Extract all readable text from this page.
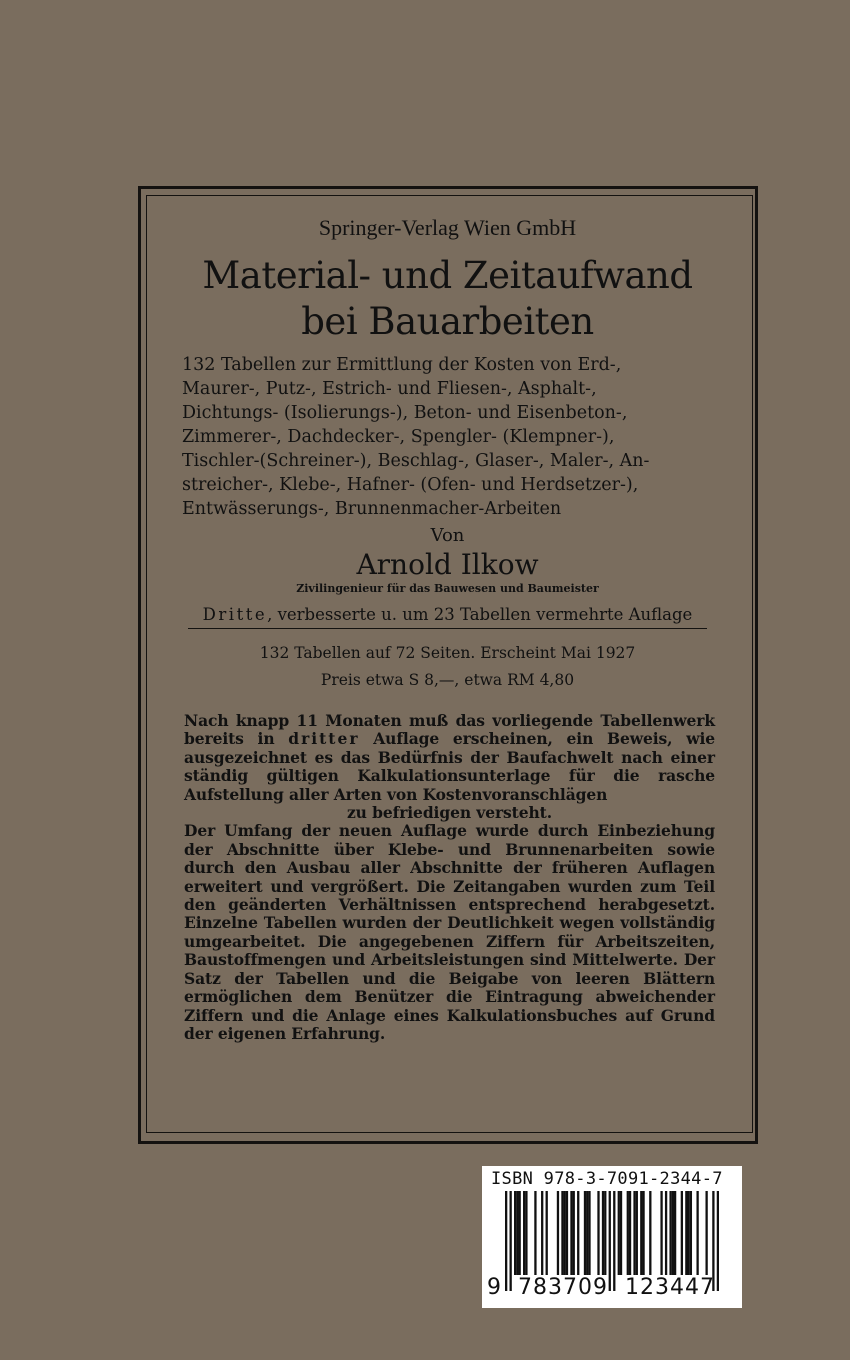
Springer-Verlag Wien GmbH
Material- und Zeitaufwand
bei Bauarbeiten
132 Tabellen zur Ermittlung der Kosten von Erd-,
Maurer-, Putz-, Estrich- und Fliesen-, Asphalt-,
Dichtungs- (Isolierungs-), Beton- und Eisenbeton-,
Zimmerer-, Dachdecker-, Spengler- (Klempner-),
Tischler-(Schreiner-), Beschlag-, Glaser-, Maler-, An-
streicher-, Klebe-, Hafner- (Ofen- und Herdsetzer-),
Entwässerungs-, Brunnenmacher-Arbeiten
Von
Arnold Ilkow
Zivilingenieur für das Bauwesen und Baumeister
Dritte, verbesserte u. um 23 Tabellen vermehrte Auflage
132 Tabellen auf 72 Seiten. Erscheint Mai 1927
Preis etwa S 8,—, etwa RM 4,80

Nach knapp 11 Monaten muß das vorliegende Tabellenwerk bereits in dritter Auflage erscheinen, ein Beweis, wie ausgezeichnet es das Bedürfnis der Baufachwelt nach einer ständig gültigen Kalkulationsunterlage für die rasche Aufstellung aller Arten von Kostenvoranschlägen

zu befriedigen versteht.

Der Umfang der neuen Auflage wurde durch Einbeziehung der Abschnitte über Klebe- und Brunnenarbeiten sowie durch den Ausbau aller Abschnitte der früheren Auflagen erweitert und vergrößert. Die Zeitangaben wurden zum Teil den geänderten Verhältnissen entsprechend herabgesetzt. Einzelne Tabellen wurden der Deutlichkeit wegen vollständig umgearbeitet. Die angegebenen Ziffern für Arbeitszeiten, Baustoffmengen und Arbeitsleistungen sind Mittelwerte. Der Satz der Tabellen und die Beigabe von leeren Blättern ermöglichen dem Benützer die Eintragung abweichender Ziffern und die Anlage eines Kalkulationsbuches auf Grund der eigenen Erfahrung.

ISBN 978-3-7091-2344-7
9 783709 123447
